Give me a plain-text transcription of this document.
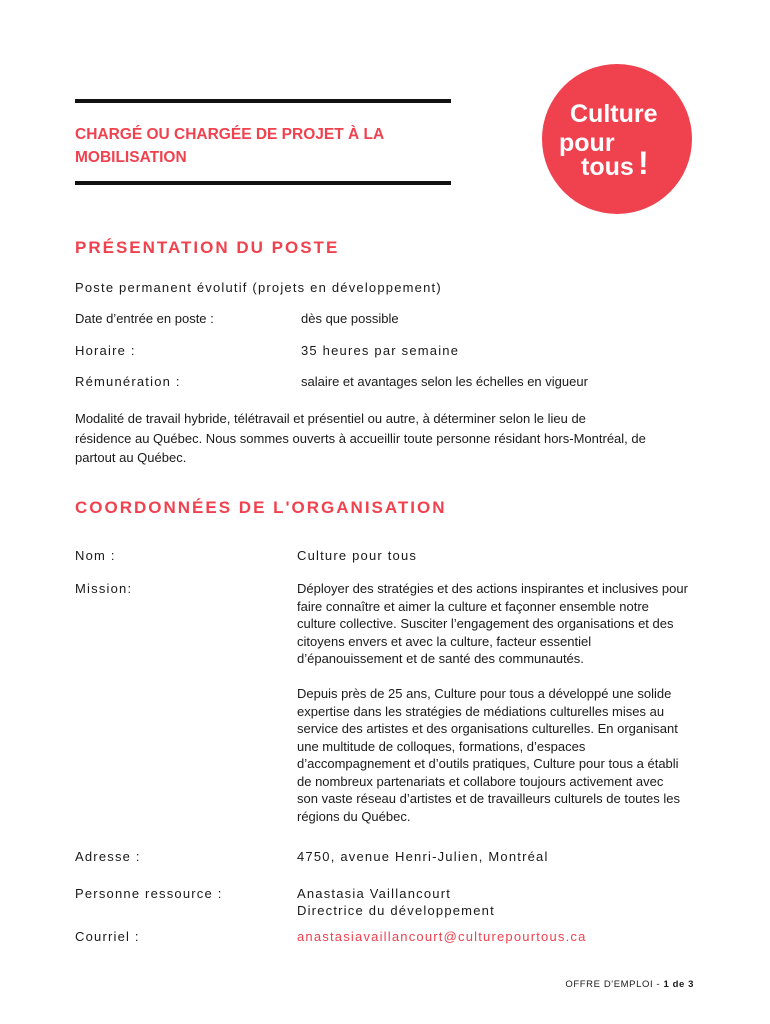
CHARGÉ OU CHARGÉE DE PROJET À LA
MOBILISATION
Culture
pour
tous !
PRÉSENTATION DU POSTE
Poste permanent évolutif (projets en développement)
Date d’entrée en poste :	dès que possible
Horaire :	35 heures par semaine
Rémunération :	salaire et avantages selon les échelles en vigueur
Modalité de travail hybride, télétravail et présentiel ou autre, à déterminer selon le lieu de
résidence au Québec. Nous sommes ouverts à accueillir toute personne résidant hors-Montréal, de
partout au Québec.
COORDONNÉES DE L'ORGANISATION
Nom :	Culture pour tous
Mission:	Déployer des stratégies et des actions inspirantes et inclusives pour
faire connaître et aimer la culture et façonner ensemble notre
culture collective. Susciter l’engagement des organisations et des
citoyens envers et avec la culture, facteur essentiel
d’épanouissement et de santé des communautés.
Depuis près de 25 ans, Culture pour tous a développé une solide
expertise dans les stratégies de médiations culturelles mises au
service des artistes et des organisations culturelles. En organisant
une multitude de colloques, formations, d’espaces
d’accompagnement et d’outils pratiques, Culture pour tous a établi
de nombreux partenariats et collabore toujours activement avec
son vaste réseau d’artistes et de travailleurs culturels de toutes les
régions du Québec.
Adresse :	4750, avenue Henri-Julien, Montréal
Personne ressource :	Anastasia Vaillancourt
Directrice du développement
Courriel :	anastasiavaillancourt@culturepourtous.ca
OFFRE D'EMPLOI - 1 de 3
